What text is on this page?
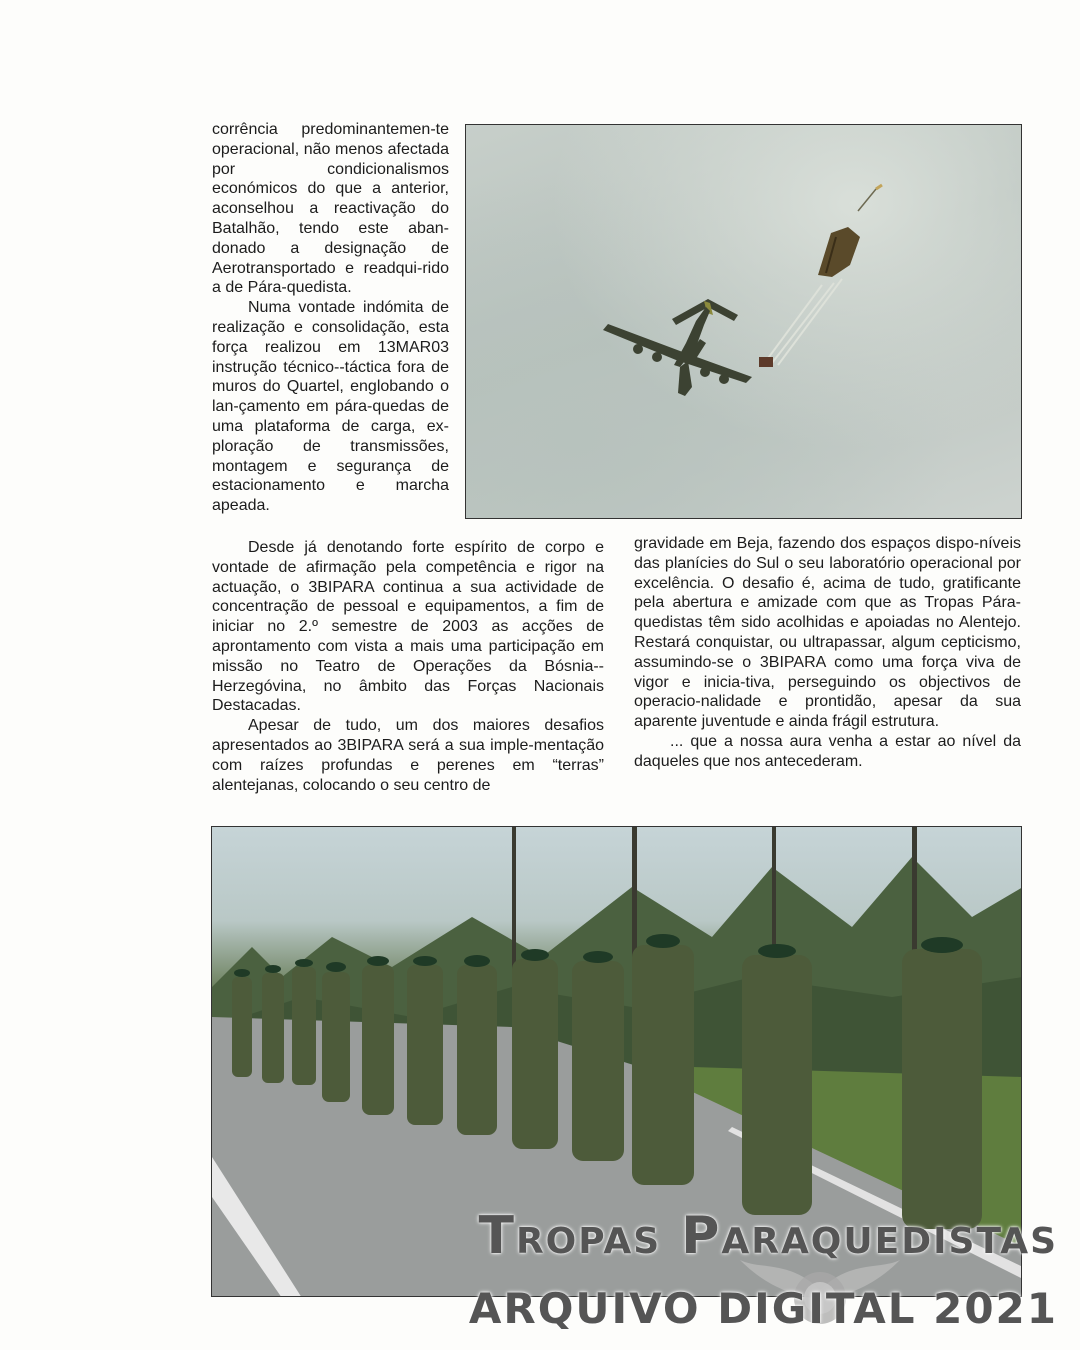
corrência predominantemen-te operacional, não menos afectada por condicionalismos económicos do que a anterior, aconselhou a reactivação do Batalhão, tendo este aban-donado a designação de Aerotransportado e readqui-rido a de Pára-quedista.
Numa vontade indómita de realização e consolidação, esta força realizou em 13MAR03 instrução técnico--táctica fora de muros do Quartel, englobando o lan-çamento em pára-quedas de uma plataforma de carga, ex-ploração de transmissões, montagem e segurança de estacionamento e marcha apeada.

Desde já denotando forte espírito de corpo e vontade de afirmação pela competência e rigor na actuação, o 3BIPARA continua a sua actividade de concentração de pessoal e equipamentos, a fim de iniciar no 2.º semestre de 2003 as acções de aprontamento com vista a mais uma participação em missão no Teatro de Operações da Bósnia--Herzegóvina, no âmbito das Forças Nacionais Destacadas.
Apesar de tudo, um dos maiores desafios apresentados ao 3BIPARA será a sua imple-mentação com raízes profundas e perenes em “terras” alentejanas, colocando o seu centro de

gravidade em Beja, fazendo dos espaços dispo-níveis das planícies do Sul o seu laboratório operacional por excelência. O desafio é, acima de tudo, gratificante pela abertura e amizade com que as Tropas Pára-quedistas têm sido acolhidas e apoiadas no Alentejo. Restará conquistar, ou ultrapassar, algum cepticismo, assumindo-se o 3BIPARA como uma força viva de vigor e inicia-tiva, perseguindo os objectivos de operacio-nalidade e prontidão, apesar da sua aparente juventude e ainda frágil estrutura.
... que a nossa aura venha a estar ao nível da daqueles que nos antecederam.

Tropas Paraquedistas

ARQUIVO DIGITAL 2021
